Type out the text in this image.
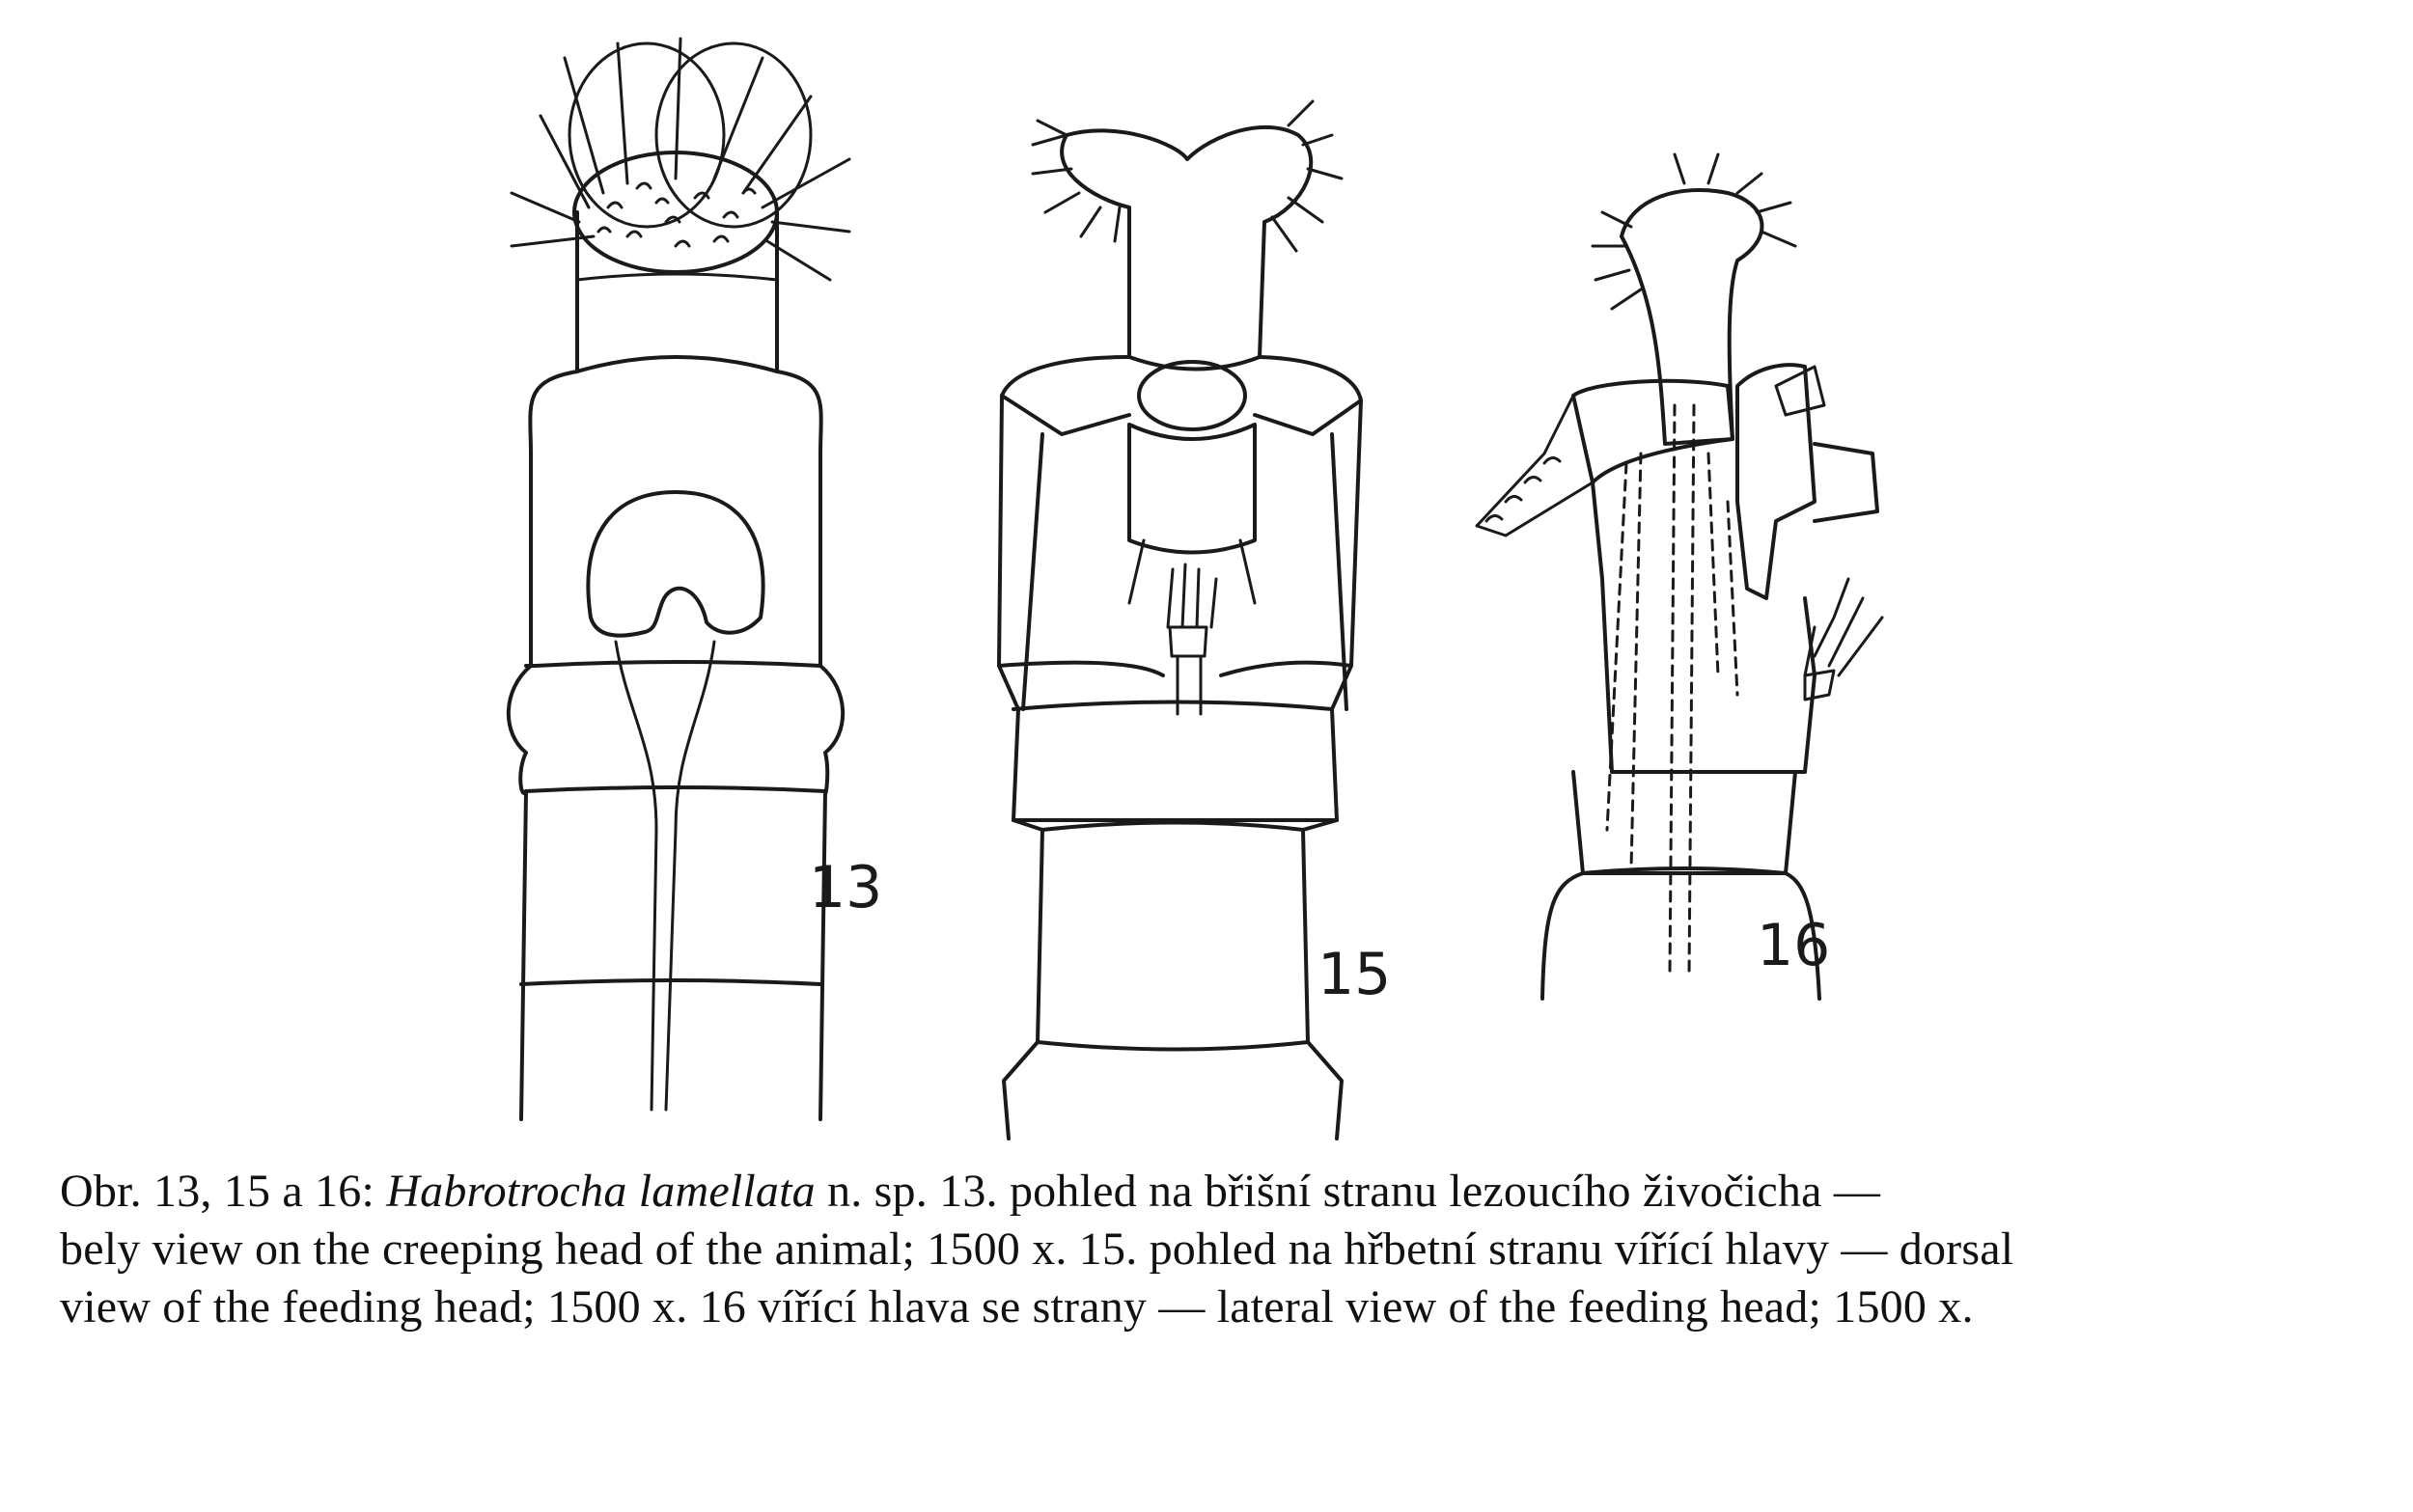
13
15	16
Obr. 13, 15 a 16: Habrotrocha lamellata n. sp. 13. pohled na břišní stranu lezoucího živočicha —
bely view on the creeping head of the animal; 1500 x. 15. pohled na hřbetní stranu vířící hlavy — dorsal
view of the feeding head; 1500 x. 16 vířící hlava se strany — lateral view of the feeding head; 1500 x.
